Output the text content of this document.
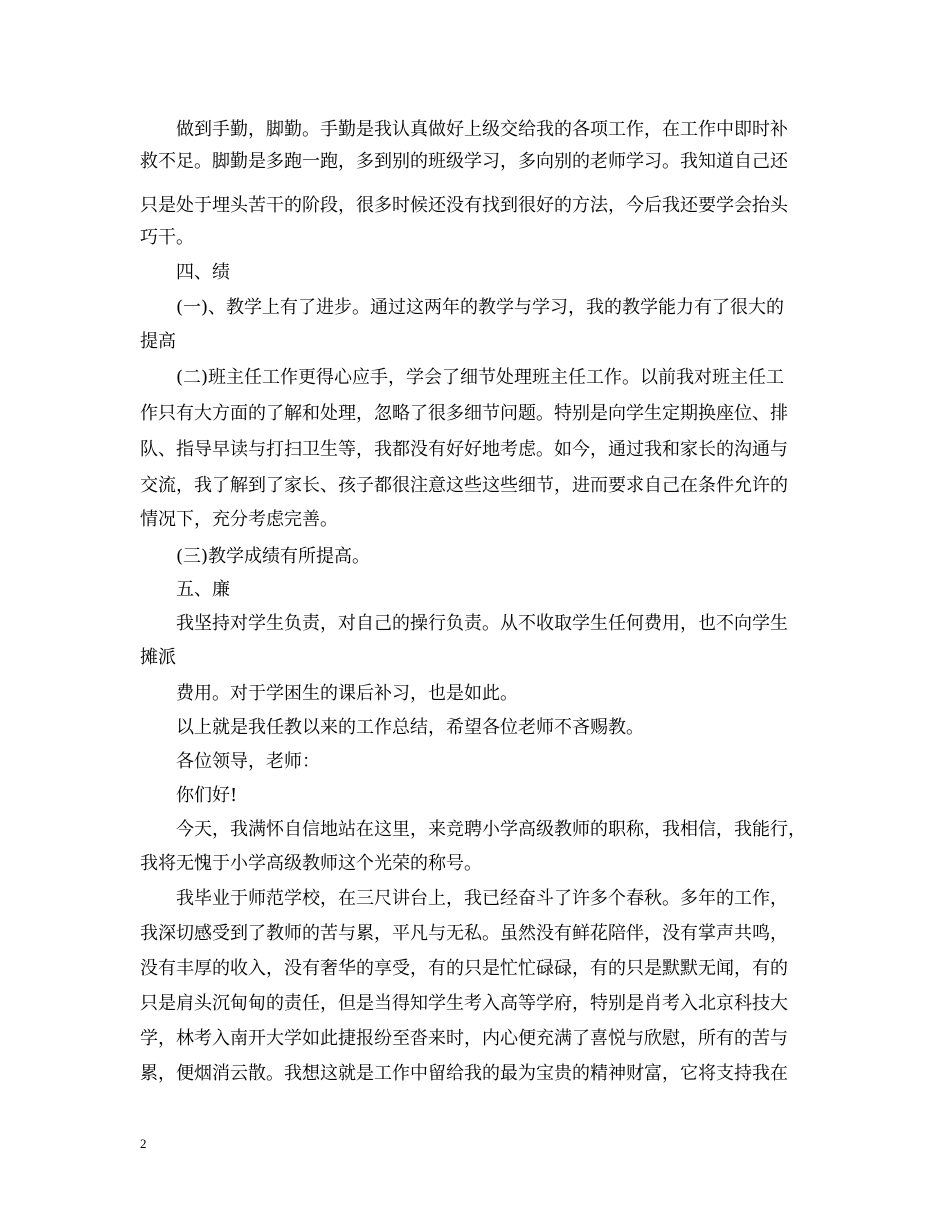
做到手勤，脚勤。手勤是我认真做好上级交给我的各项工作，在工作中即时补
救不足。脚勤是多跑一跑，多到别的班级学习，多向别的老师学习。我知道自己还
只是处于埋头苦干的阶段，很多时候还没有找到很好的方法，今后我还要学会抬头
巧干。
四、绩
(一)、教学上有了进步。通过这两年的教学与学习，我的教学能力有了很大的
提高
(二)班主任工作更得心应手，学会了细节处理班主任工作。以前我对班主任工
作只有大方面的了解和处理，忽略了很多细节问题。特别是向学生定期换座位、排
队、指导早读与打扫卫生等，我都没有好好地考虑。如今，通过我和家长的沟通与
交流，我了解到了家长、孩子都很注意这些这些细节，进而要求自己在条件允许的
情况下，充分考虑完善。
(三)教学成绩有所提高。
五、廉
我坚持对学生负责，对自己的操行负责。从不收取学生任何费用，也不向学生
摊派
费用。对于学困生的课后补习，也是如此。
以上就是我任教以来的工作总结，希望各位老师不吝赐教。
各位领导，老师：
你们好!
今天，我满怀自信地站在这里，来竞聘小学高级教师的职称，我相信，我能行，
我将无愧于小学高级教师这个光荣的称号。
我毕业于师范学校，在三尺讲台上，我已经奋斗了许多个春秋。多年的工作，
我深切感受到了教师的苦与累，平凡与无私。虽然没有鲜花陪伴，没有掌声共鸣，
没有丰厚的收入，没有奢华的享受，有的只是忙忙碌碌，有的只是默默无闻，有的
只是肩头沉甸甸的责任，但是当得知学生考入高等学府，特别是肖考入北京科技大
学，林考入南开大学如此捷报纷至沓来时，内心便充满了喜悦与欣慰，所有的苦与
累，便烟消云散。我想这就是工作中留给我的最为宝贵的精神财富，它将支持我在
2
